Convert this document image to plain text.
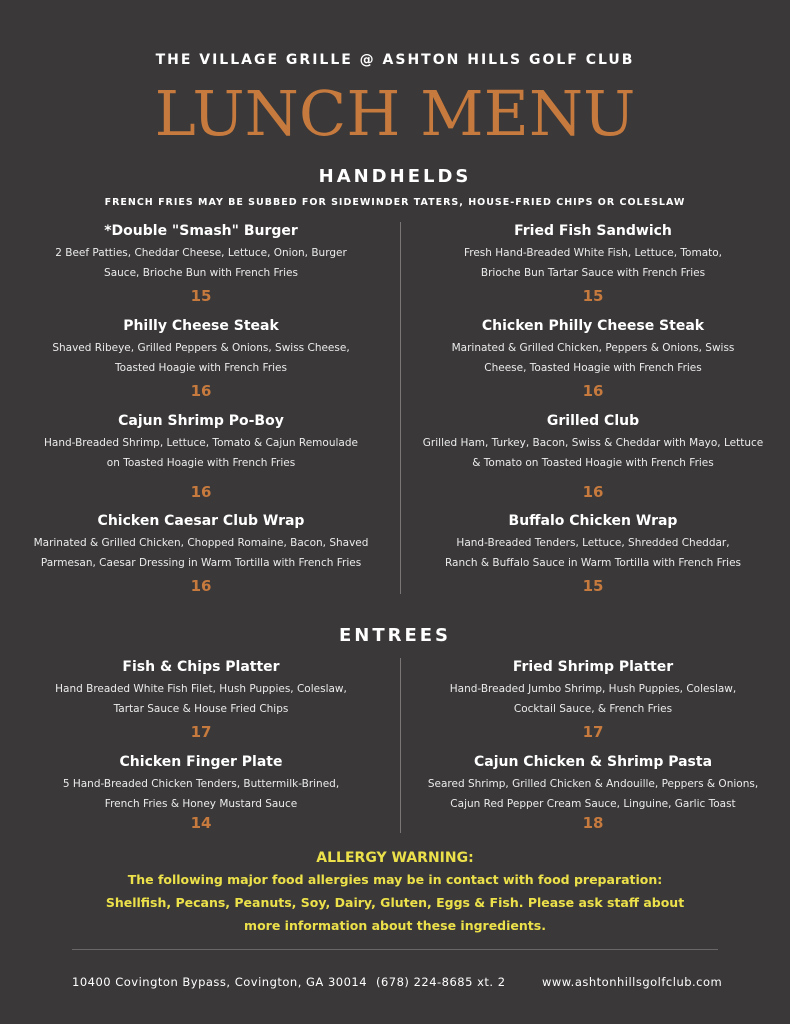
THE VILLAGE GRILLE @ ASHTON HILLS GOLF CLUB
LUNCH MENU
HANDHELDS
FRENCH FRIES MAY BE SUBBED FOR SIDEWINDER TATERS, HOUSE-FRIED CHIPS OR COLESLAW
*Double "Smash" Burger
2 Beef Patties, Cheddar Cheese, Lettuce, Onion, Burger
Sauce, Brioche Bun with French Fries
15
Philly Cheese Steak
Shaved Ribeye, Grilled Peppers & Onions, Swiss Cheese,
Toasted Hoagie with French Fries
16
Cajun Shrimp Po-Boy
Hand-Breaded Shrimp, Lettuce, Tomato & Cajun Remoulade
on Toasted Hoagie with French Fries
16
Chicken Caesar Club Wrap
Marinated & Grilled Chicken, Chopped Romaine, Bacon, Shaved
Parmesan, Caesar Dressing in Warm Tortilla with French Fries
16
Fried Fish Sandwich
Fresh Hand-Breaded White Fish, Lettuce, Tomato,
Brioche Bun Tartar Sauce with French Fries
15
Chicken Philly Cheese Steak
Marinated & Grilled Chicken, Peppers & Onions, Swiss
Cheese, Toasted Hoagie with French Fries
16
Grilled Club
Grilled Ham, Turkey, Bacon, Swiss & Cheddar with Mayo, Lettuce
& Tomato on Toasted Hoagie with French Fries
16
Buffalo Chicken Wrap
Hand-Breaded Tenders, Lettuce, Shredded Cheddar,
Ranch & Buffalo Sauce in Warm Tortilla with French Fries
15
ENTREES
Fish & Chips Platter
Hand Breaded White Fish Filet, Hush Puppies, Coleslaw,
Tartar Sauce & House Fried Chips
17
Chicken Finger Plate
5 Hand-Breaded Chicken Tenders, Buttermilk-Brined,
French Fries & Honey Mustard Sauce
14
Fried Shrimp Platter
Hand-Breaded Jumbo Shrimp, Hush Puppies, Coleslaw,
Cocktail Sauce, & French Fries
17
Cajun Chicken & Shrimp Pasta
Seared Shrimp, Grilled Chicken & Andouille, Peppers & Onions,
Cajun Red Pepper Cream Sauce, Linguine, Garlic Toast
18
ALLERGY WARNING:
The following major food allergies may be in contact with food preparation:
Shellfish, Pecans, Peanuts, Soy, Dairy, Gluten, Eggs & Fish. Please ask staff about
more information about these ingredients.
10400 Covington Bypass, Covington, GA 30014 (678) 224-8685 xt. 2	www.ashtonhillsgolfclub.com
